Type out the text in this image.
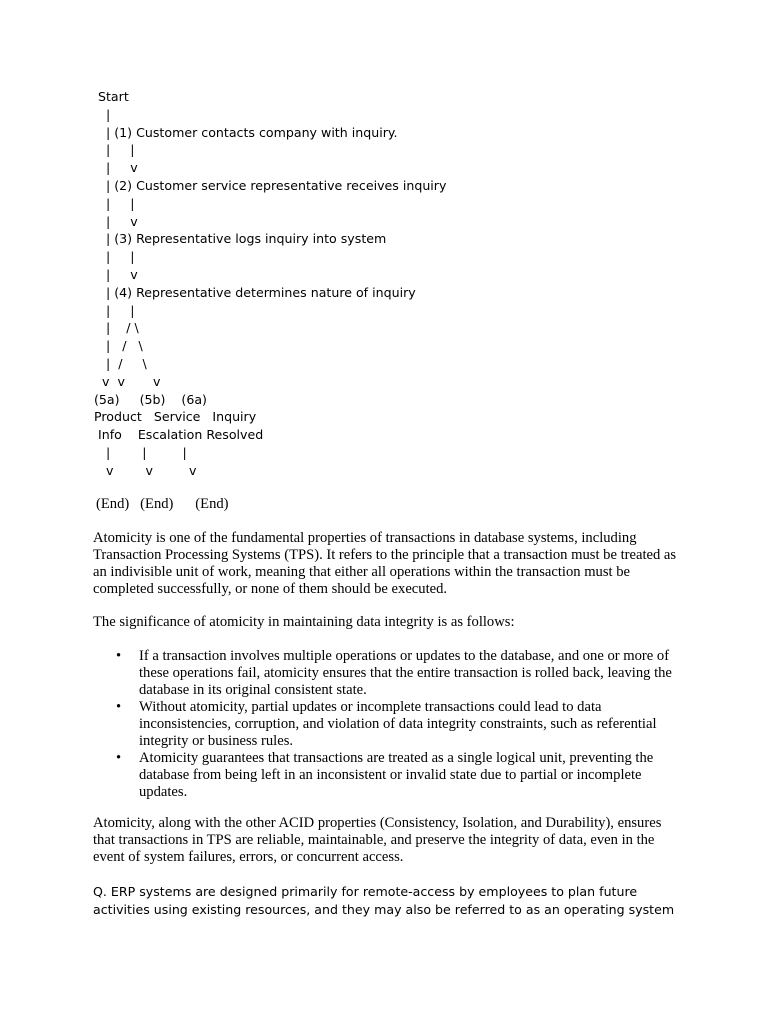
Start
|
| (1) Customer contacts company with inquiry.
|     |
|     v
| (2) Customer service representative receives inquiry
|     |
|     v
| (3) Representative logs inquiry into system
|     |
|     v
| (4) Representative determines nature of inquiry
|     |
|    / \
|   /   \
|  /     \
v  v       v
(5a)     (5b)    (6a)
Product   Service   Inquiry
Info    Escalation Resolved
|        |         |
v        v         v
(End)   (End)      (End)

Atomicity is one of the fundamental properties of transactions in database systems, including Transaction Processing Systems (TPS). It refers to the principle that a transaction must be treated as an indivisible unit of work, meaning that either all operations within the transaction must be completed successfully, or none of them should be executed.

The significance of atomicity in maintaining data integrity is as follows:

• If a transaction involves multiple operations or updates to the database, and one or more of these operations fail, atomicity ensures that the entire transaction is rolled back, leaving the database in its original consistent state.
• Without atomicity, partial updates or incomplete transactions could lead to data inconsistencies, corruption, and violation of data integrity constraints, such as referential integrity or business rules.
• Atomicity guarantees that transactions are treated as a single logical unit, preventing the database from being left in an inconsistent or invalid state due to partial or incomplete updates.

Atomicity, along with the other ACID properties (Consistency, Isolation, and Durability), ensures that transactions in TPS are reliable, maintainable, and preserve the integrity of data, even in the event of system failures, errors, or concurrent access.

Q. ERP systems are designed primarily for remote-access by employees to plan future activities using existing resources, and they may also be referred to as an operating system
